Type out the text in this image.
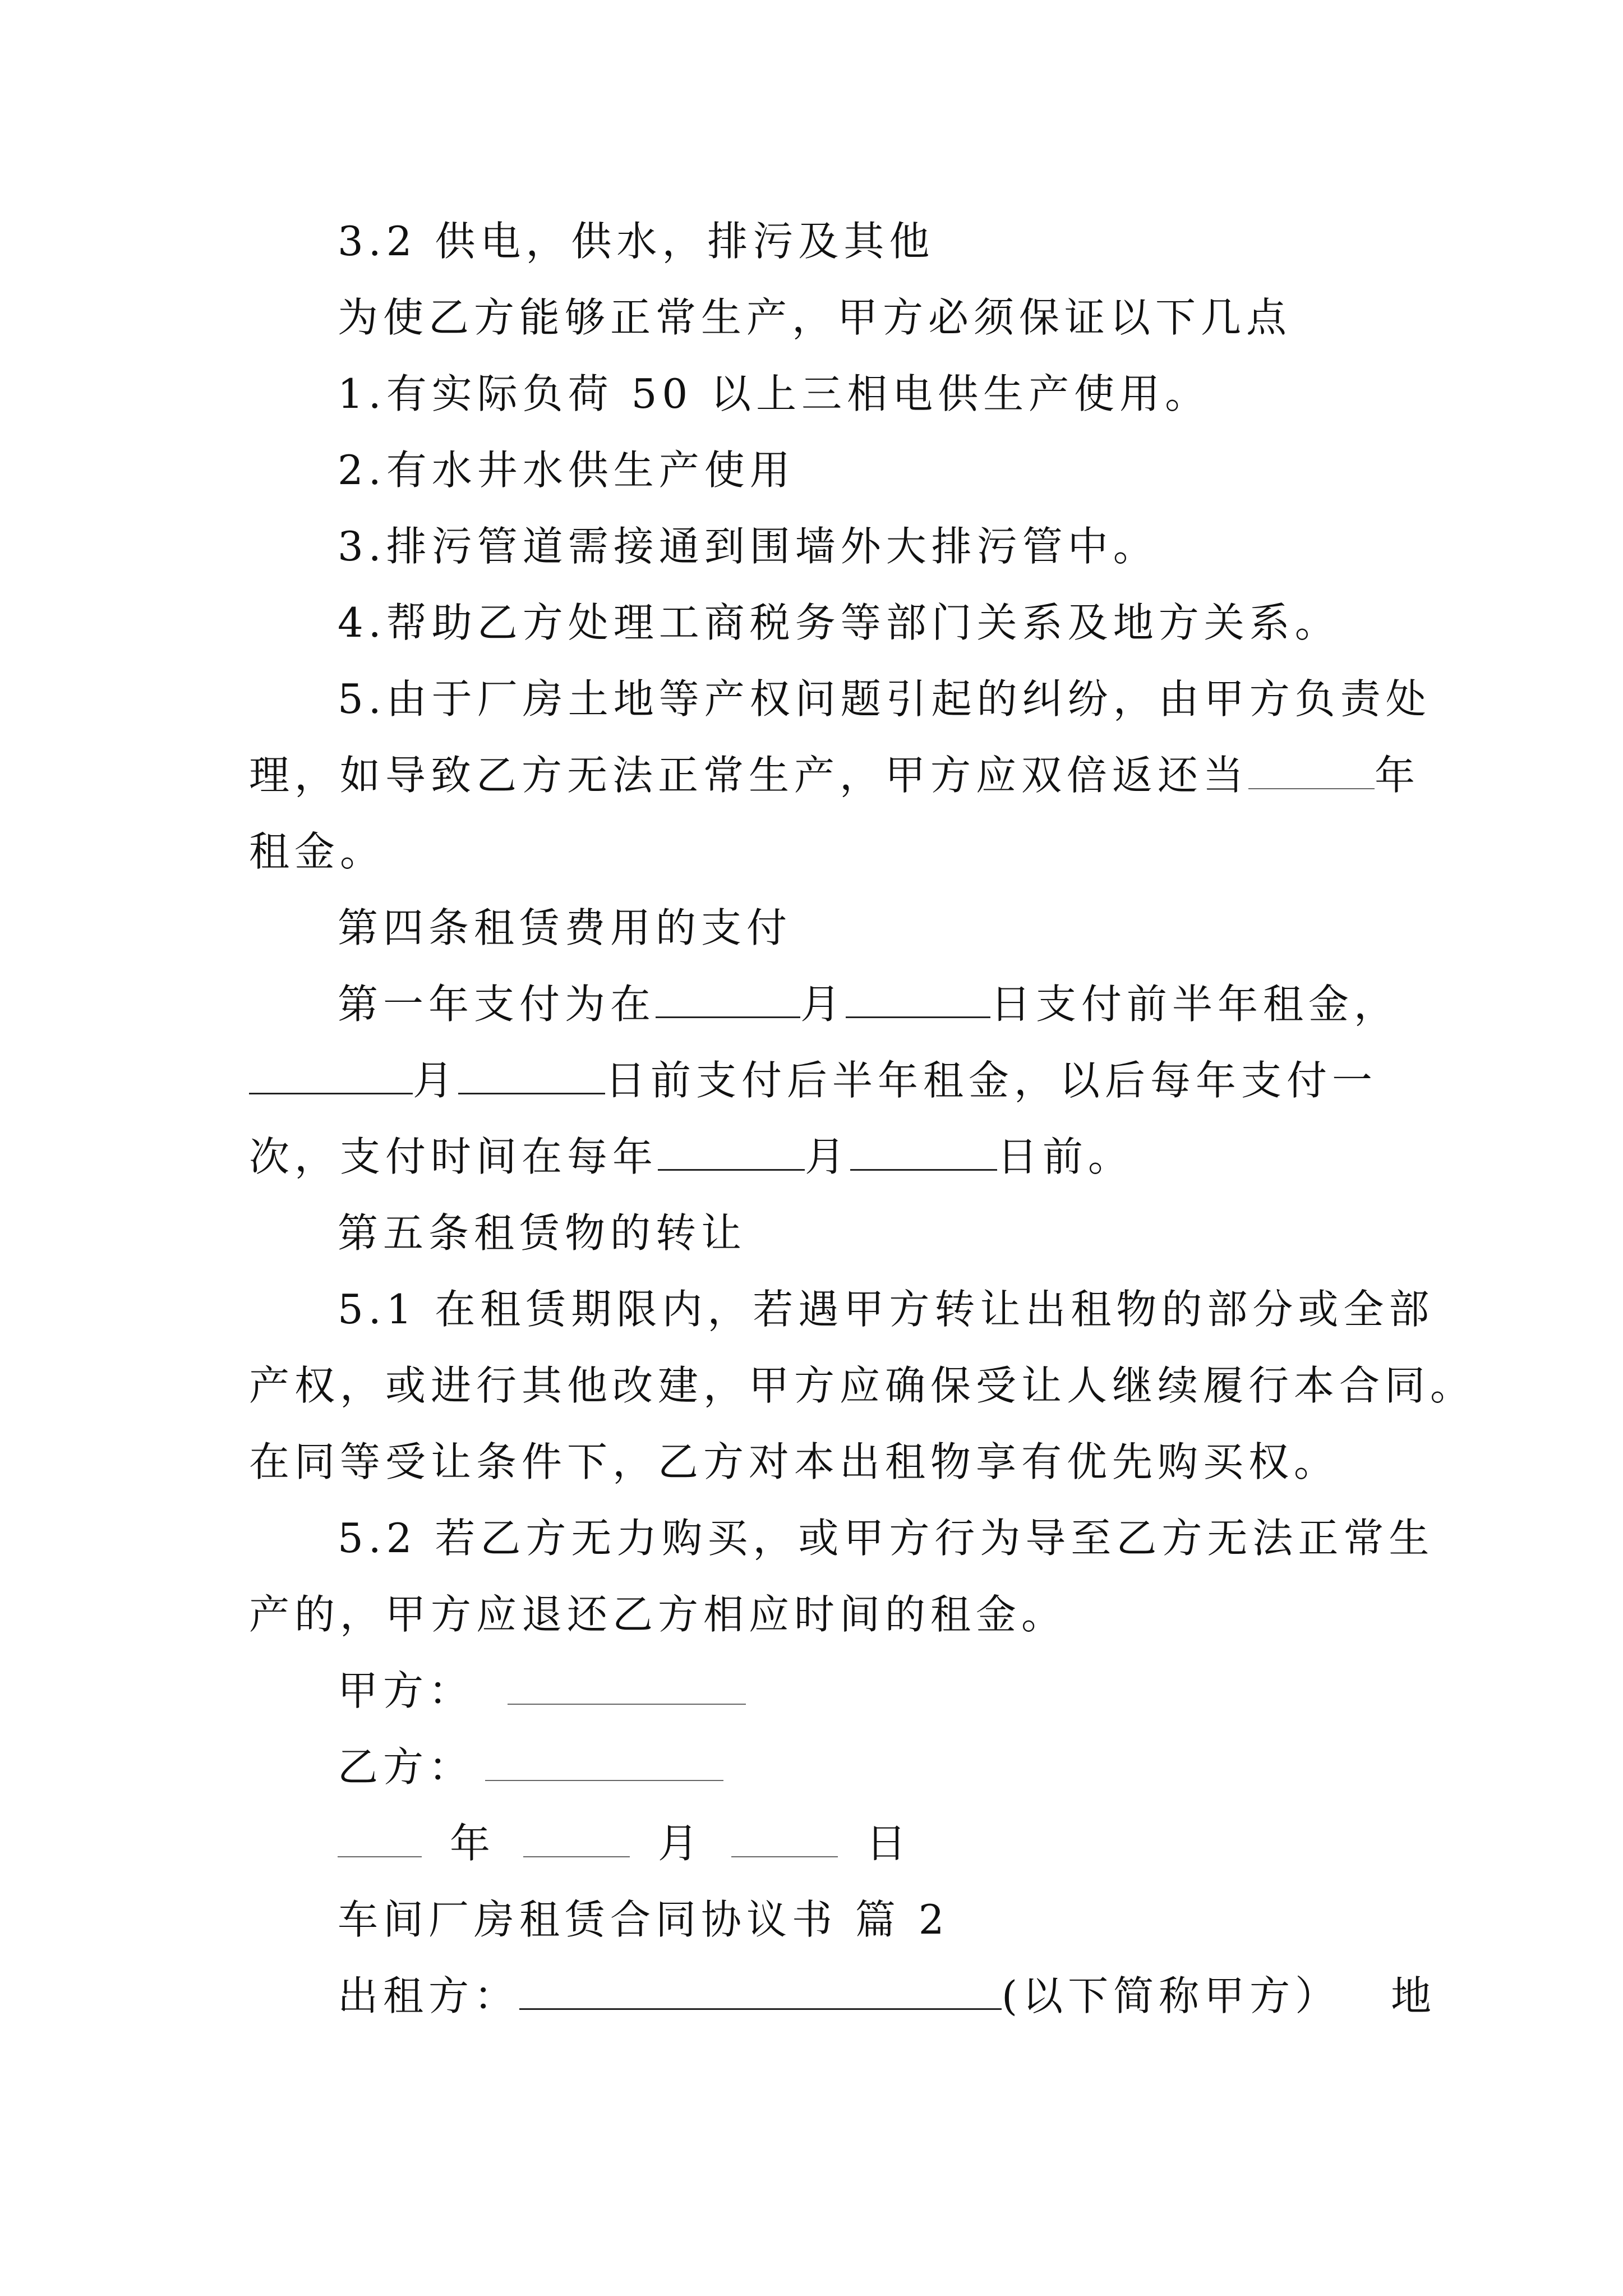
3.2 供电，供水，排污及其他
为使乙方能够正常生产，甲方必须保证以下几点
1.有实际负荷 50 以上三相电供生产使用。
2.有水井水供生产使用
3.排污管道需接通到围墙外大排污管中。
4.帮助乙方处理工商税务等部门关系及地方关系。
5.由于厂房土地等产权问题引起的纠纷，由甲方负责处
理，如导致乙方无法正常生产，甲方应双倍返还当	年
租金。
第四条租赁费用的支付
第一年支付为在	月	日支付前半年租金，
月	日前支付后半年租金，以后每年支付一
次，支付时间在每年	月	日前。
第五条租赁物的转让
5.1 在租赁期限内，若遇甲方转让出租物的部分或全部
产权，或进行其他改建，甲方应确保受让人继续履行本合同。
在同等受让条件下，乙方对本出租物享有优先购买权。
5.2 若乙方无力购买，或甲方行为导至乙方无法正常生
产的，甲方应退还乙方相应时间的租金。
甲方：
乙方：
年	月	日
车间厂房租赁合同协议书 篇 2
出租方：	(以下简称甲方） 地
